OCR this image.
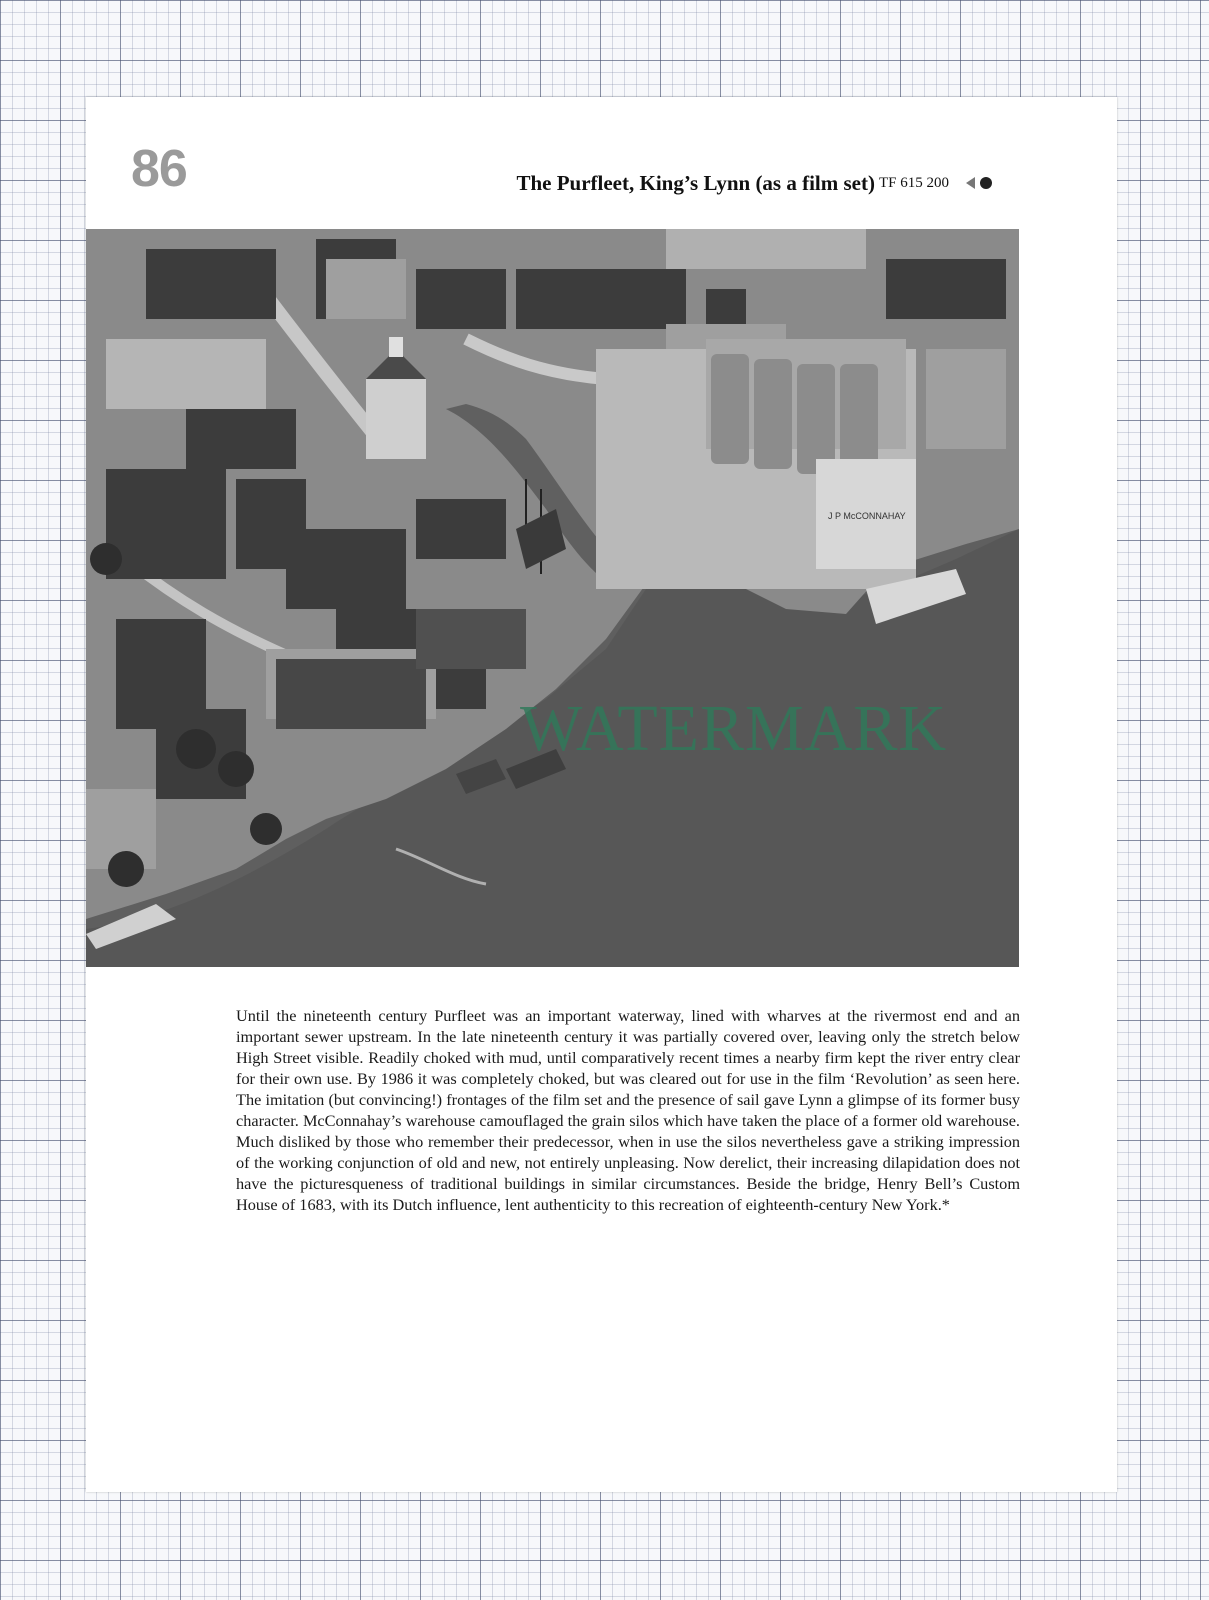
86	The Purfleet, King’s Lynn (as a film set) TF 615 200
J P McCONNAHAY
WATERMARK
Until the nineteenth century Purfleet was an important waterway, lined with wharves at the rivermost end and an important sewer upstream. In the late nineteenth century it was partially covered over, leaving only the stretch below High Street visible. Readily choked with mud, until comparatively recent times a nearby firm kept the river entry clear for their own use. By 1986 it was completely choked, but was cleared out for use in the film ‘Revolution’ as seen here. The imitation (but convincing!) frontages of the film set and the presence of sail gave Lynn a glimpse of its former busy character. McConnahay’s warehouse camouflaged the grain silos which have taken the place of a former old warehouse. Much disliked by those who remember their predecessor, when in use the silos nevertheless gave a striking impression of the working conjunction of old and new, not entirely unpleasing. Now derelict, their increasing dilapidation does not have the picturesqueness of traditional buildings in similar circumstances. Beside the bridge, Henry Bell’s Custom House of 1683, with its Dutch influence, lent authenticity to this recreation of eighteenth-century New York.*
